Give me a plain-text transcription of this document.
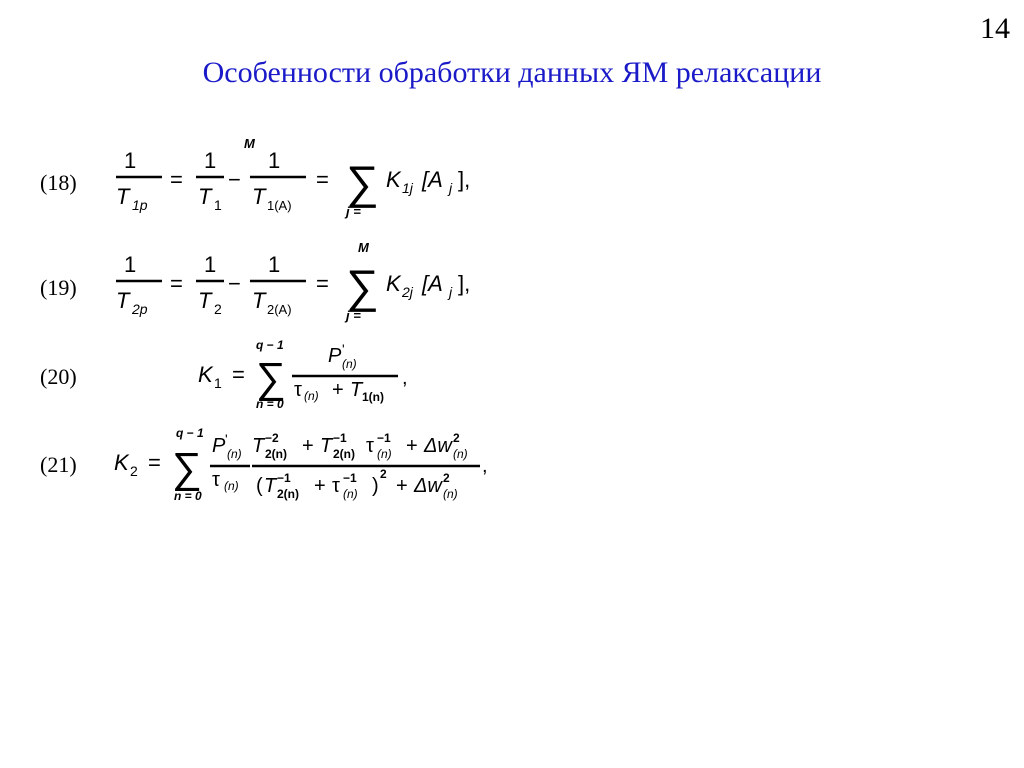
14
Особенности обработки данных ЯМ релаксации
(18)
M
1
T 1p
=
1
T 1
−
1
T 1(A)
= ∑
j =
K 1j [A j ],
(19)
M
1
T 2p
=
1
T 2
−
1
T 2(A)
= ∑
j =
K 2j [A j ],
(20)
q − 1
K 1 = ∑
n = 0
P '
(n)
τ (n) + T 1(n)
,
(21)
q − 1
K 2 = ∑
n = 0
P '
(n)
τ (n)
T −2
2(n) + T −1
2(n) τ −1
(n) + Δw 2
(n)
( T −1
2(n) + τ −1
(n) )
2
+ Δw 2
(n)
,
